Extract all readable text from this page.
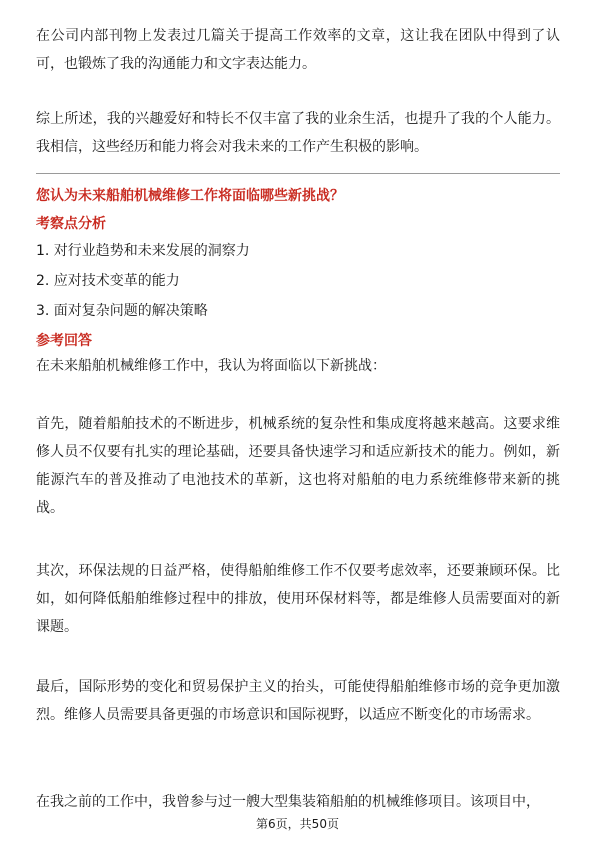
在公司内部刊物上发表过几篇关于提高工作效率的文章，这让我在团队中得到了认可，也锻炼了我的沟通能力和文字表达能力。

综上所述，我的兴趣爱好和特长不仅丰富了我的业余生活，也提升了我的个人能力。我相信，这些经历和能力将会对我未来的工作产生积极的影响。

您认为未来船舶机械维修工作将面临哪些新挑战？
考察点分析
1. 对行业趋势和未来发展的洞察力
2. 应对技术变革的能力
3. 面对复杂问题的解决策略
参考回答

在未来船舶机械维修工作中，我认为将面临以下新挑战：

首先，随着船舶技术的不断进步，机械系统的复杂性和集成度将越来越高。这要求维修人员不仅要有扎实的理论基础，还要具备快速学习和适应新技术的能力。例如，新能源汽车的普及推动了电池技术的革新，这也将对船舶的电力系统维修带来新的挑战。

其次，环保法规的日益严格，使得船舶维修工作不仅要考虑效率，还要兼顾环保。比如，如何降低船舶维修过程中的排放，使用环保材料等，都是维修人员需要面对的新课题。

最后，国际形势的变化和贸易保护主义的抬头，可能使得船舶维修市场的竞争更加激烈。维修人员需要具备更强的市场意识和国际视野，以适应不断变化的市场需求。

在我之前的工作中，我曾参与过一艘大型集装箱船舶的机械维修项目。该项目中，

第6页，共50页
